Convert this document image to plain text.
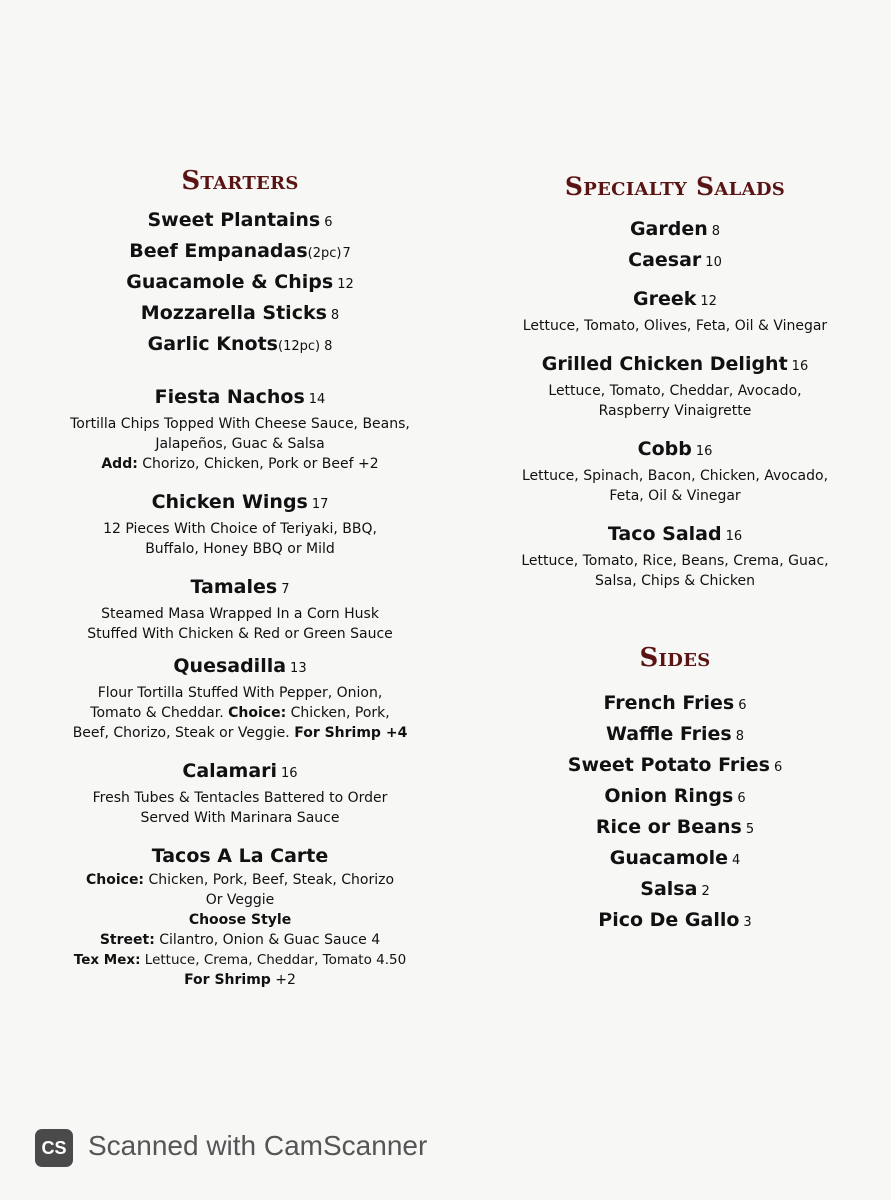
Starters

Sweet Plantains 6

Beef Empanadas(2pc)7

Guacamole & Chips 12

Mozzarella Sticks 8

Garlic Knots(12pc) 8

Fiesta Nachos 14

Tortilla Chips Topped With Cheese Sauce, Beans,

Jalapeños, Guac & Salsa

Add: Chorizo, Chicken, Pork or Beef +2

Chicken Wings 17

12 Pieces With Choice of Teriyaki, BBQ,

Buffalo, Honey BBQ or Mild

Tamales 7

Steamed Masa Wrapped In a Corn Husk

Stuffed With Chicken & Red or Green Sauce

Quesadilla 13

Flour Tortilla Stuffed With Pepper, Onion,

Tomato & Cheddar. Choice: Chicken, Pork,

Beef, Chorizo, Steak or Veggie. For Shrimp +4

Calamari 16

Fresh Tubes & Tentacles Battered to Order

Served With Marinara Sauce

Tacos A La Carte

Choice: Chicken, Pork, Beef, Steak, Chorizo

Or Veggie

Choose Style

Street: Cilantro, Onion & Guac Sauce 4

Tex Mex: Lettuce, Crema, Cheddar, Tomato 4.50

For Shrimp +2

Specialty Salads

Garden 8

Caesar 10

Greek 12

Lettuce, Tomato, Olives, Feta, Oil & Vinegar

Grilled Chicken Delight 16

Lettuce, Tomato, Cheddar, Avocado,

Raspberry Vinaigrette

Cobb 16

Lettuce, Spinach, Bacon, Chicken, Avocado,

Feta, Oil & Vinegar

Taco Salad 16

Lettuce, Tomato, Rice, Beans, Crema, Guac,

Salsa, Chips & Chicken

Sides

French Fries 6

Waffle Fries 8

Sweet Potato Fries 6

Onion Rings 6

Rice or Beans 5

Guacamole 4

Salsa 2

Pico De Gallo 3

CS Scanned with CamScanner
